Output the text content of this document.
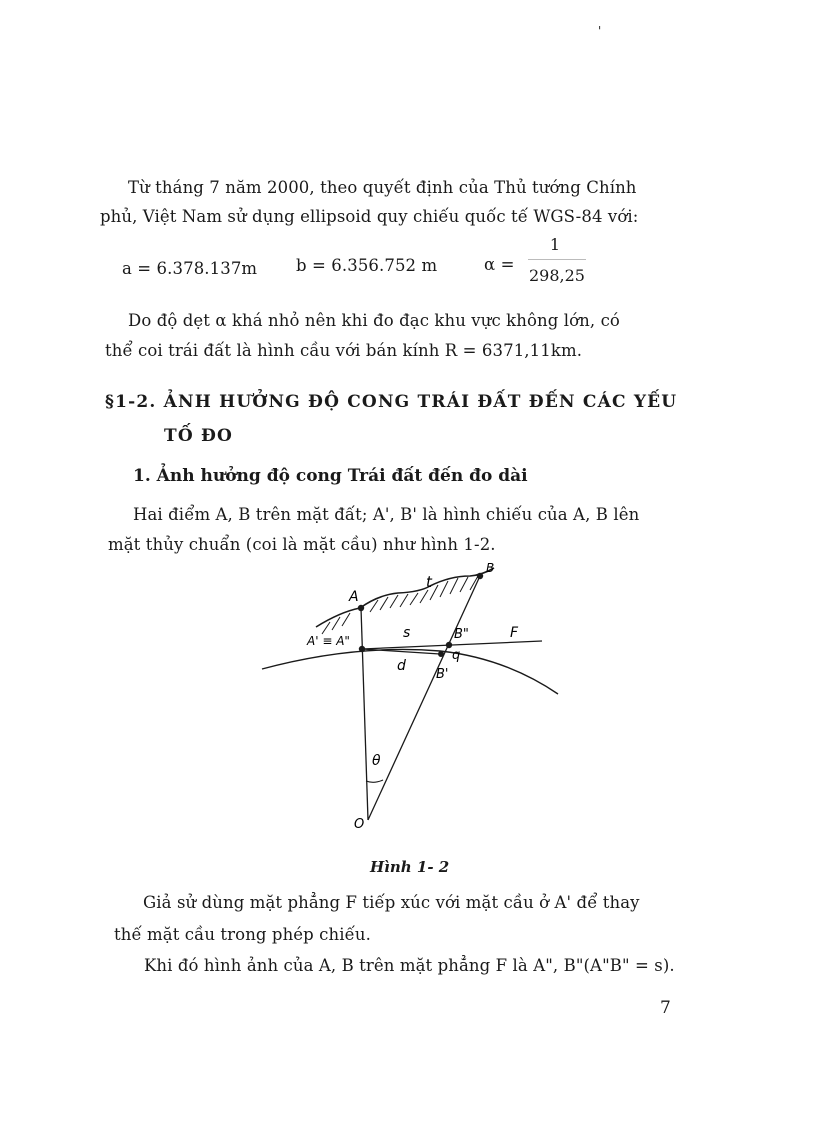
'
Từ tháng 7 năm 2000, theo quyết định của Thủ tướng Chính
phủ, Việt Nam sử dụng ellipsoid quy chiếu quốc tế WGS-84 với:
a = 6.378.137m b = 6.356.752 m	α =
1
298,25
Do độ dẹt α khá nhỏ nên khi đo đạc khu vực không lớn, có
thể coi trái đất là hình cầu với bán kính R = 6371,11km.
§1-2. ẢNH HƯỞNG ĐỘ CONG TRÁI ĐẤT ĐẾN CÁC YẾU
TỐ ĐO
1. Ảnh hưởng độ cong Trái đất đến đo dài
Hai điểm A, B trên mặt đất; A', B' là hình chiếu của A, B lên
mặt thủy chuẩn (coi là mặt cầu) như hình 1-2.
A
B
t
A' ≡ A"	s	B"	F
q
d
B'
θ
O
Hình 1- 2
Giả sử dùng mặt phẳng F tiếp xúc với mặt cầu ở A' để thay
thế mặt cầu trong phép chiếu.
Khi đó hình ảnh của A, B trên mặt phẳng F là A", B"(A"B" = s).
7
